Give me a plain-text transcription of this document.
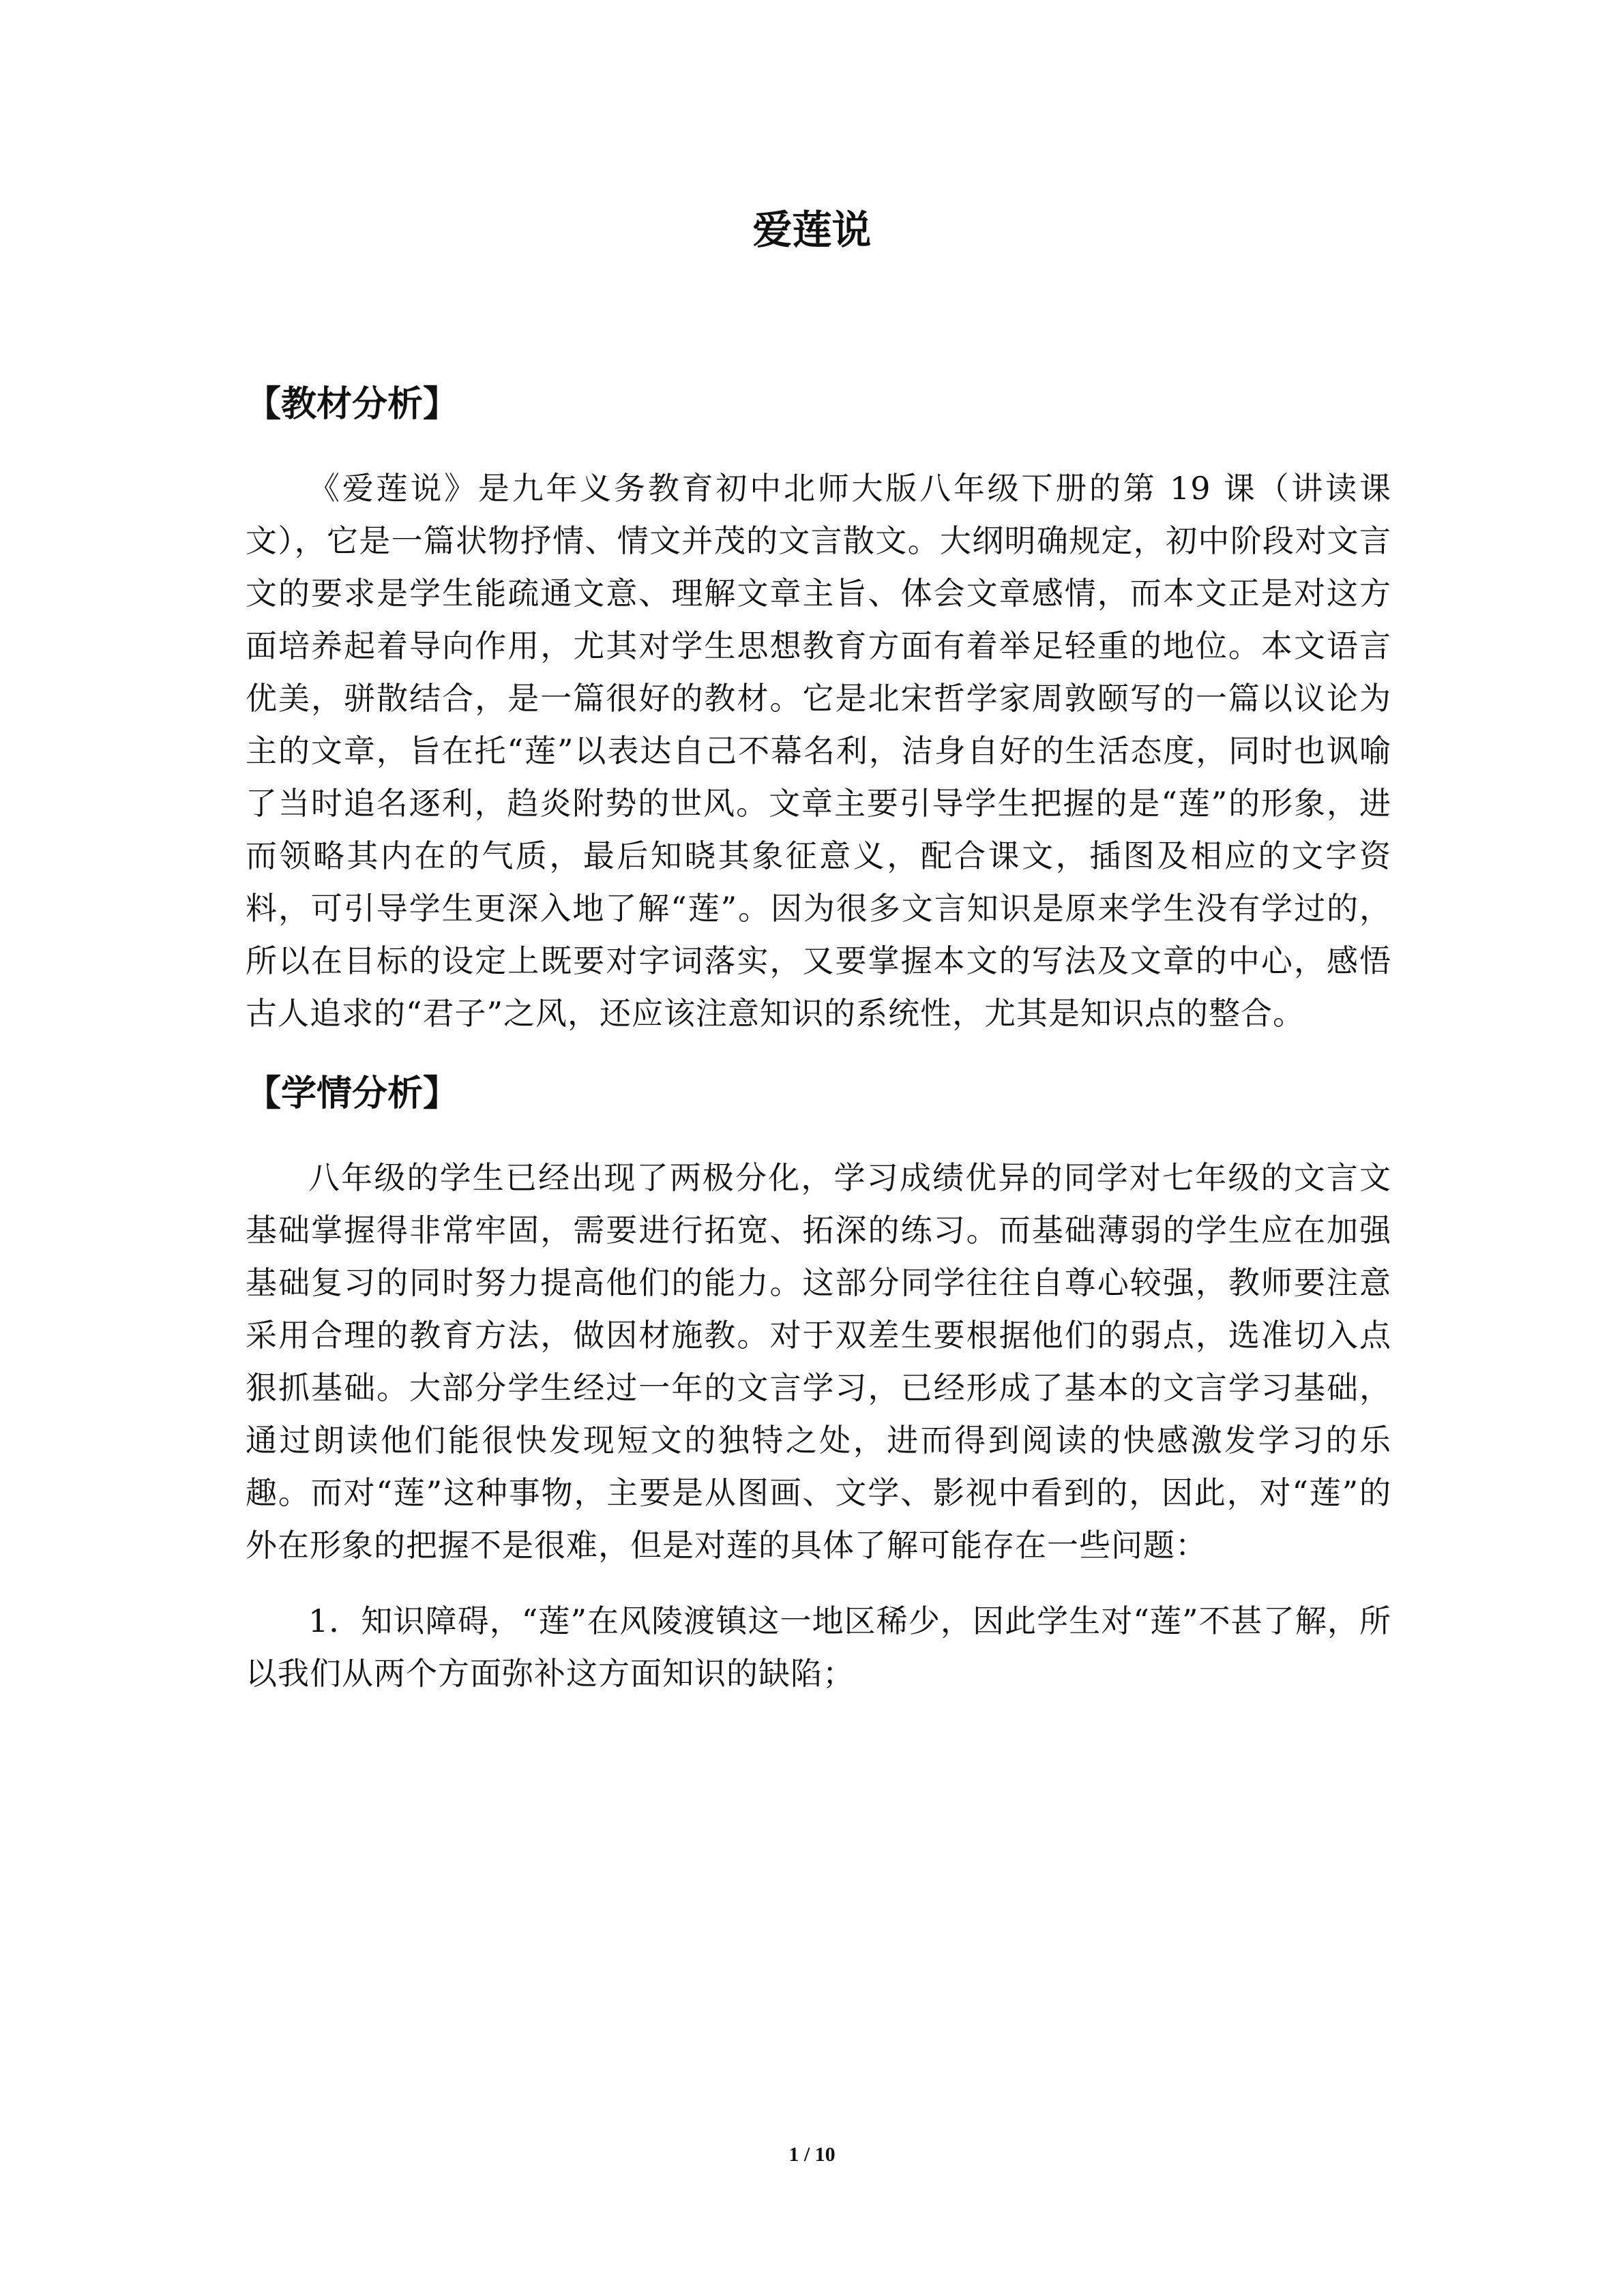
爱莲说
【教材分析】

《爱莲说》是九年义务教育初中北师大版八年级下册的第 19 课（讲读课文），它是一篇状物抒情、情文并茂的文言散文。大纲明确规定，初中阶段对文言文的要求是学生能疏通文意、理解文章主旨、体会文章感情，而本文正是对这方面培养起着导向作用，尤其对学生思想教育方面有着举足轻重的地位。本文语言优美，骈散结合，是一篇很好的教材。它是北宋哲学家周敦颐写的一篇以议论为主的文章，旨在托“莲”以表达自己不幕名利，洁身自好的生活态度，同时也讽喻了当时追名逐利，趋炎附势的世风。文章主要引导学生把握的是“莲”的形象，进而领略其内在的气质，最后知晓其象征意义，配合课文，插图及相应的文字资料，可引导学生更深入地了解“莲”。因为很多文言知识是原来学生没有学过的，所以在目标的设定上既要对字词落实，又要掌握本文的写法及文章的中心，感悟古人追求的“君子”之风，还应该注意知识的系统性，尤其是知识点的整合。

【学情分析】

八年级的学生已经出现了两极分化，学习成绩优异的同学对七年级的文言文基础掌握得非常牢固，需要进行拓宽、拓深的练习。而基础薄弱的学生应在加强基础复习的同时努力提高他们的能力。这部分同学往往自尊心较强，教师要注意采用合理的教育方法，做因材施教。对于双差生要根据他们的弱点，选准切入点狠抓基础。大部分学生经过一年的文言学习，已经形成了基本的文言学习基础，通过朗读他们能很快发现短文的独特之处，进而得到阅读的快感激发学习的乐趣。而对“莲”这种事物，主要是从图画、文学、影视中看到的，因此，对“莲”的外在形象的把握不是很难，但是对莲的具体了解可能存在一些问题：

1．知识障碍，“莲”在风陵渡镇这一地区稀少，因此学生对“莲”不甚了解，所以我们从两个方面弥补这方面知识的缺陷；

1 / 10
